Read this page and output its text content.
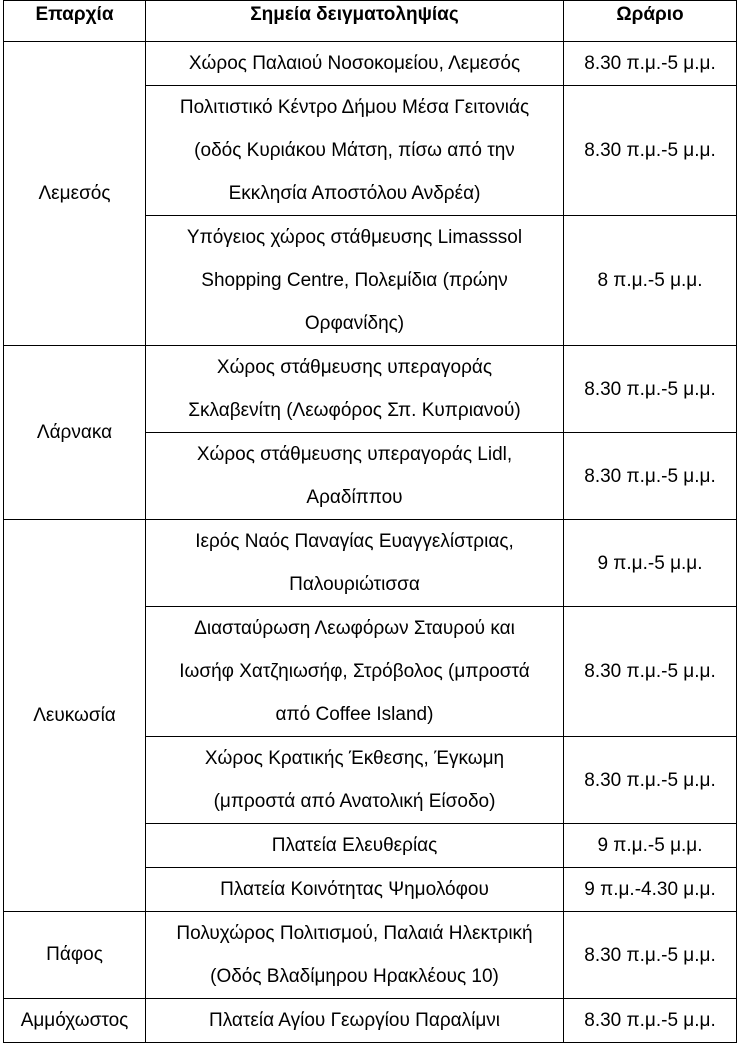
Επαρχία	Σημεία δειγματοληψίας	Ωράριο
Λεμεσός	Χώρος Παλαιού Νοσοκομείου, Λεμεσός	8.30 π.μ.-5 μ.μ.
	Πολιτιστικό Κέντρο Δήμου Μέσα Γειτονιάς
(οδός Κυριάκου Μάτση, πίσω από την
Εκκλησία Αποστόλου Ανδρέα)	8.30 π.μ.-5 μ.μ.
	Υπόγειος χώρος στάθμευσης Limasssol
Shopping Centre, Πολεμίδια (πρώην
Ορφανίδης)	8 π.μ.-5 μ.μ.
Λάρνακα	Χώρος στάθμευσης υπεραγοράς
Σκλαβενίτη (Λεωφόρος Σπ. Κυπριανού)	8.30 π.μ.-5 μ.μ.
	Χώρος στάθμευσης υπεραγοράς Lidl,
Αραδίππου	8.30 π.μ.-5 μ.μ.
Λευκωσία	Ιερός Ναός Παναγίας Ευαγγελίστριας,
Παλουριώτισσα	9 π.μ.-5 μ.μ.
	Διασταύρωση Λεωφόρων Σταυρού και
Ιωσήφ Χατζηιωσήφ, Στρόβολος (μπροστά
από Coffee Island)	8.30 π.μ.-5 μ.μ.
	Χώρος Κρατικής Έκθεσης, Έγκωμη
(μπροστά από Ανατολική Είσοδο)	8.30 π.μ.-5 μ.μ.
	Πλατεία Ελευθερίας	9 π.μ.-5 μ.μ.
	Πλατεία Κοινότητας Ψημολόφου	9 π.μ.-4.30 μ.μ.
Πάφος	Πολυχώρος Πολιτισμού, Παλαιά Ηλεκτρική
(Οδός Βλαδίμηρου Ηρακλέους 10)	8.30 π.μ.-5 μ.μ.
Αμμόχωστος	Πλατεία Αγίου Γεωργίου Παραλίμνι	8.30 π.μ.-5 μ.μ.
